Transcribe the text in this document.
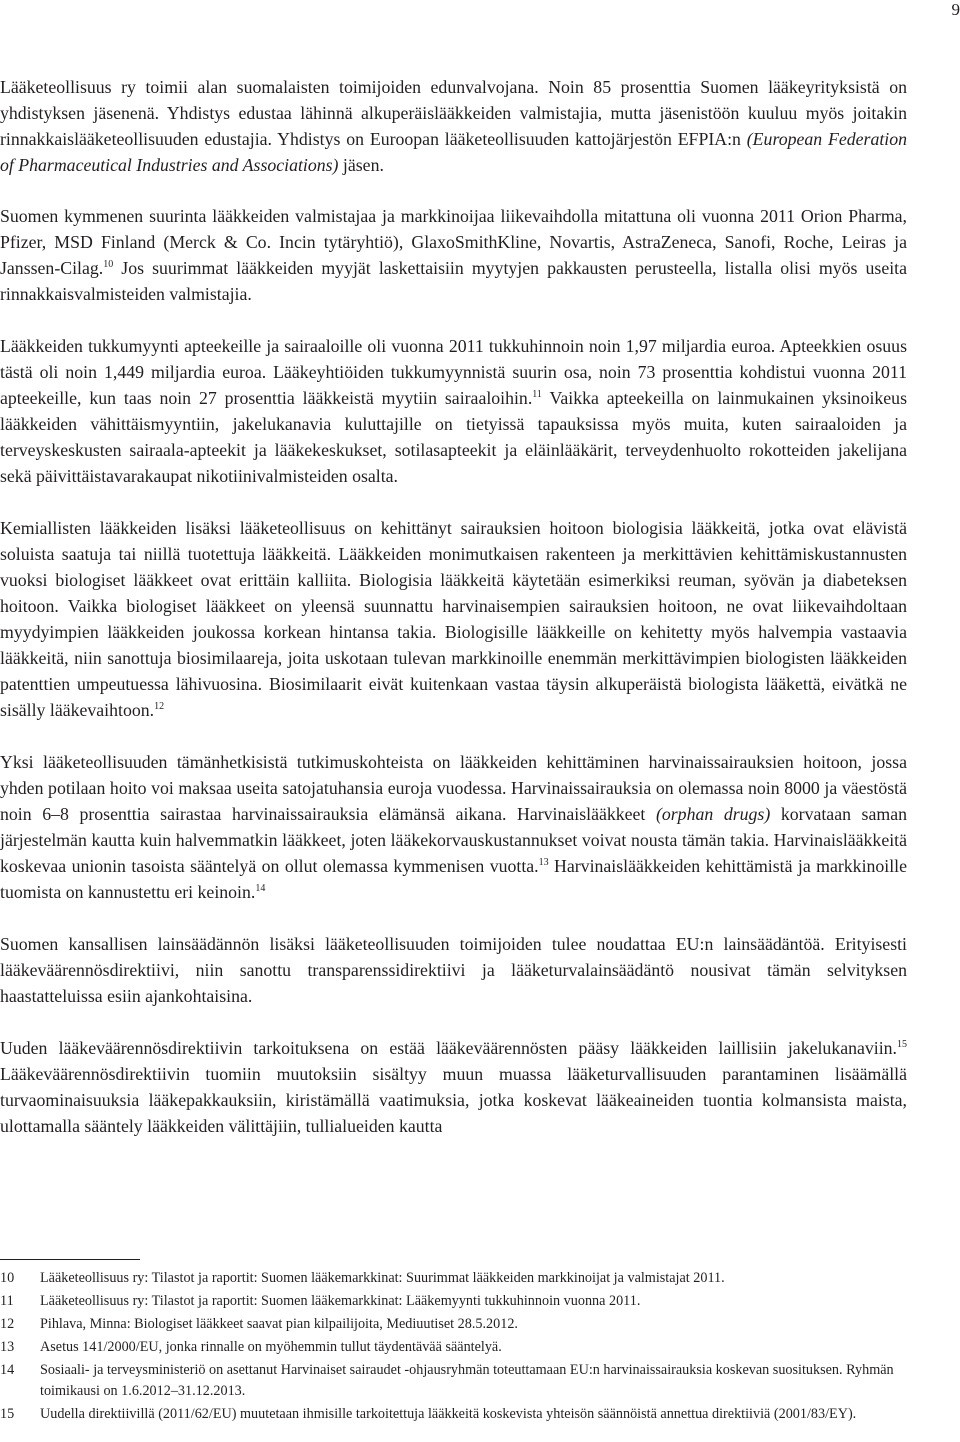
9

Lääketeollisuus ry toimii alan suomalaisten toimijoiden edunvalvojana. Noin 85 prosenttia Suomen lääkeyrityksistä on yhdistyksen jäsenenä. Yhdistys edustaa lähinnä alkuperäislääkkeiden valmistajia, mutta jäsenistöön kuuluu myös joitakin rinnakkaislääketeollisuuden edustajia. Yhdistys on Euroopan lääketeollisuuden kattojärjestön EFPIA:n (European Federation of Pharmaceutical Industries and Associations) jäsen.

Suomen kymmenen suurinta lääkkeiden valmistajaa ja markkinoijaa liikevaihdolla mitattuna oli vuonna 2011 Orion Pharma, Pfizer, MSD Finland (Merck & Co. Incin tytäryhtiö), GlaxoSmithKline, Novartis, AstraZeneca, Sanofi, Roche, Leiras ja Janssen-Cilag.$^{10}$ Jos suurimmat lääkkeiden myyjät laskettaisiin myytyjen pakkausten perusteella, listalla olisi myös useita rinnakkaisvalmisteiden valmistajia.

Lääkkeiden tukkumyynti apteekeille ja sairaaloille oli vuonna 2011 tukkuhinnoin noin 1,97 miljardia euroa. Apteekkien osuus tästä oli noin 1,449 miljardia euroa. Lääkeyhtiöiden tukkumyynnistä suurin osa, noin 73 prosenttia kohdistui vuonna 2011 apteekeille, kun taas noin 27 prosenttia lääkkeistä myytiin sairaaloihin.$^{11}$ Vaikka apteekeilla on lainmukainen yksinoikeus lääkkeiden vähittäismyyntiin, jakelukanavia kuluttajille on tietyissä tapauksissa myös muita, kuten sairaaloiden ja terveyskeskusten sairaala-apteekit ja lääkekeskukset, sotilasapteekit ja eläinlääkärit, terveydenhuolto rokotteiden jakelijana sekä päivittäistavarakaupat nikotiinivalmisteiden osalta.

Kemiallisten lääkkeiden lisäksi lääketeollisuus on kehittänyt sairauksien hoitoon biologisia lääkkeitä, jotka ovat elävistä soluista saatuja tai niillä tuotettuja lääkkeitä. Lääkkeiden monimutkaisen rakenteen ja merkittävien kehittämiskustannusten vuoksi biologiset lääkkeet ovat erittäin kalliita. Biologisia lääkkeitä käytetään esimerkiksi reuman, syövän ja diabeteksen hoitoon. Vaikka biologiset lääkkeet on yleensä suunnattu harvinaisempien sairauksien hoitoon, ne ovat liikevaihdoltaan myydyimpien lääkkeiden joukossa korkean hintansa takia. Biologisille lääkkeille on kehitetty myös halvempia vastaavia lääkkeitä, niin sanottuja biosimilaareja, joita uskotaan tulevan markkinoille enemmän merkittävimpien biologisten lääkkeiden patenttien umpeutuessa lähivuosina. Biosimilaarit eivät kuitenkaan vastaa täysin alkuperäistä biologista lääkettä, eivätkä ne sisälly lääkevaihtoon.$^{12}$

Yksi lääketeollisuuden tämänhetkisistä tutkimuskohteista on lääkkeiden kehittäminen harvinaissairauksien hoitoon, jossa yhden potilaan hoito voi maksaa useita satojatuhansia euroja vuodessa. Harvinaissairauksia on olemassa noin 8000 ja väestöstä noin 6–8 prosenttia sairastaa harvinaissairauksia elämänsä aikana. Harvinaislääkkeet (orphan drugs) korvataan saman järjestelmän kautta kuin halvemmatkin lääkkeet, joten lääkekorvauskustannukset voivat nousta tämän takia. Harvinaislääkkeitä koskevaa unionin tasoista sääntelyä on ollut olemassa kymmenisen vuotta.$^{13}$ Harvinaislääkkeiden kehittämistä ja markkinoille tuomista on kannustettu eri keinoin.$^{14}$

Suomen kansallisen lainsäädännön lisäksi lääketeollisuuden toimijoiden tulee noudattaa EU:n lainsäädäntöä. Erityisesti lääkeväärennösdirektiivi, niin sanottu transparenssidirektiivi ja lääketurvalainsäädäntö nousivat tämän selvityksen haastatteluissa esiin ajankohtaisina.

Uuden lääkeväärennösdirektiivin tarkoituksena on estää lääkeväärennösten pääsy lääkkeiden laillisiin jakelukanaviin.$^{15}$ Lääkeväärennösdirektiivin tuomiin muutoksiin sisältyy muun muassa lääketurvallisuuden parantaminen lisäämällä turvaominaisuuksia lääkepakkauksiin, kiristämällä vaatimuksia, jotka koskevat lääkeaineiden tuontia kolmansista maista, ulottamalla sääntely lääkkeiden välittäjiin, tullialueiden kautta

10	Lääketeollisuus ry: Tilastot ja raportit: Suomen lääkemarkkinat: Suurimmat lääkkeiden markkinoijat ja valmistajat 2011.
11	Lääketeollisuus ry: Tilastot ja raportit: Suomen lääkemarkkinat: Lääkemyynti tukkuhinnoin vuonna 2011.
12	Pihlava, Minna: Biologiset lääkkeet saavat pian kilpailijoita, Mediuutiset 28.5.2012.
13	Asetus 141/2000/EU, jonka rinnalle on myöhemmin tullut täydentävää sääntelyä.
14	Sosiaali- ja terveysministeriö on asettanut Harvinaiset sairaudet -ohjausryhmän toteuttamaan EU:n harvinaissairauksia koskevan suosituksen. Ryhmän toimikausi on 1.6.2012–31.12.2013.
15	Uudella direktiivillä (2011/62/EU) muutetaan ihmisille tarkoitettuja lääkkeitä koskevista yhteisön säännöistä annettua direktiiviä (2001/83/EY).
